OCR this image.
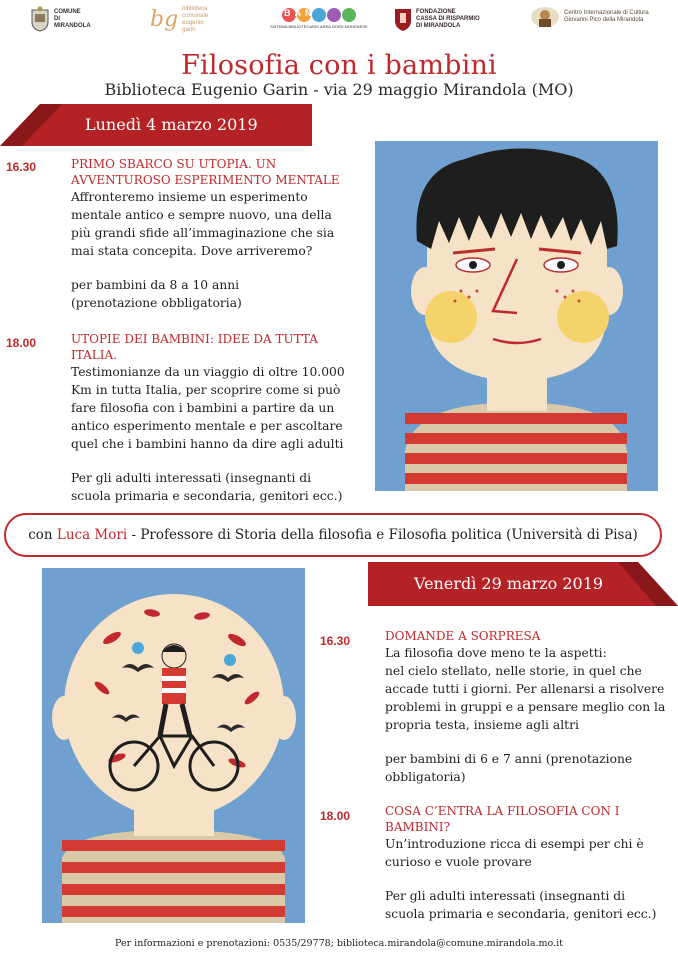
COMUNE
DI
MIRANDOLA	bg biblioteca
comunale
eugenio
garin
SISTEMA BIBLIOTECARIO AREA NORD MODENESE
SBAN	FONDAZIONE
CASSA DI RISPARMIO
DI MIRANDOLA
Centro Internazionale di Cultura
Giovanni Pico della Mirandola
Filosofia con i bambini
Biblioteca Eugenio Garin - via 29 maggio Mirandola (MO)
Lunedì 4 marzo 2019
16.30	PRIMO SBARCO SU UTOPIA. UN
AVVENTUROSO ESPERIMENTO MENTALE
Affronteremo insieme un esperimento
mentale antico e sempre nuovo, una della
più grandi sfide all’immaginazione che sia
mai stata concepita. Dove arriveremo?
per bambini da 8 a 10 anni
(prenotazione obbligatoria)
18.00	UTOPIE DEI BAMBINI: IDEE DA TUTTA
ITALIA.
Testimonianze da un viaggio di oltre 10.000
Km in tutta Italia, per scoprire come si può
fare filosofia con i bambini a partire da un
antico esperimento mentale e per ascoltare
quel che i bambini hanno da dire agli adulti
Per gli adulti interessati (insegnanti di
scuola primaria e secondaria, genitori ecc.)
con Luca Mori - Professore di Storia della filosofia e Filosofia politica (Università di Pisa)
Venerdì 29 marzo 2019
16.30	DOMANDE A SORPRESA
La filosofia dove meno te la aspetti:
nel cielo stellato, nelle storie, in quel che
accade tutti i giorni. Per allenarsi a risolvere
problemi in gruppi e a pensare meglio con la
propria testa, insieme agli altri
per bambini di 6 e 7 anni (prenotazione
obbligatoria)
18.00	COSA C’ENTRA LA FILOSOFIA CON I
BAMBINI?
Un’introduzione ricca di esempi per chi è
curioso e vuole provare
Per gli adulti interessati (insegnanti di
scuola primaria e secondaria, genitori ecc.)
Per informazioni e prenotazioni: 0535/29778; biblioteca.mirandola@comune.mirandola.mo.it
